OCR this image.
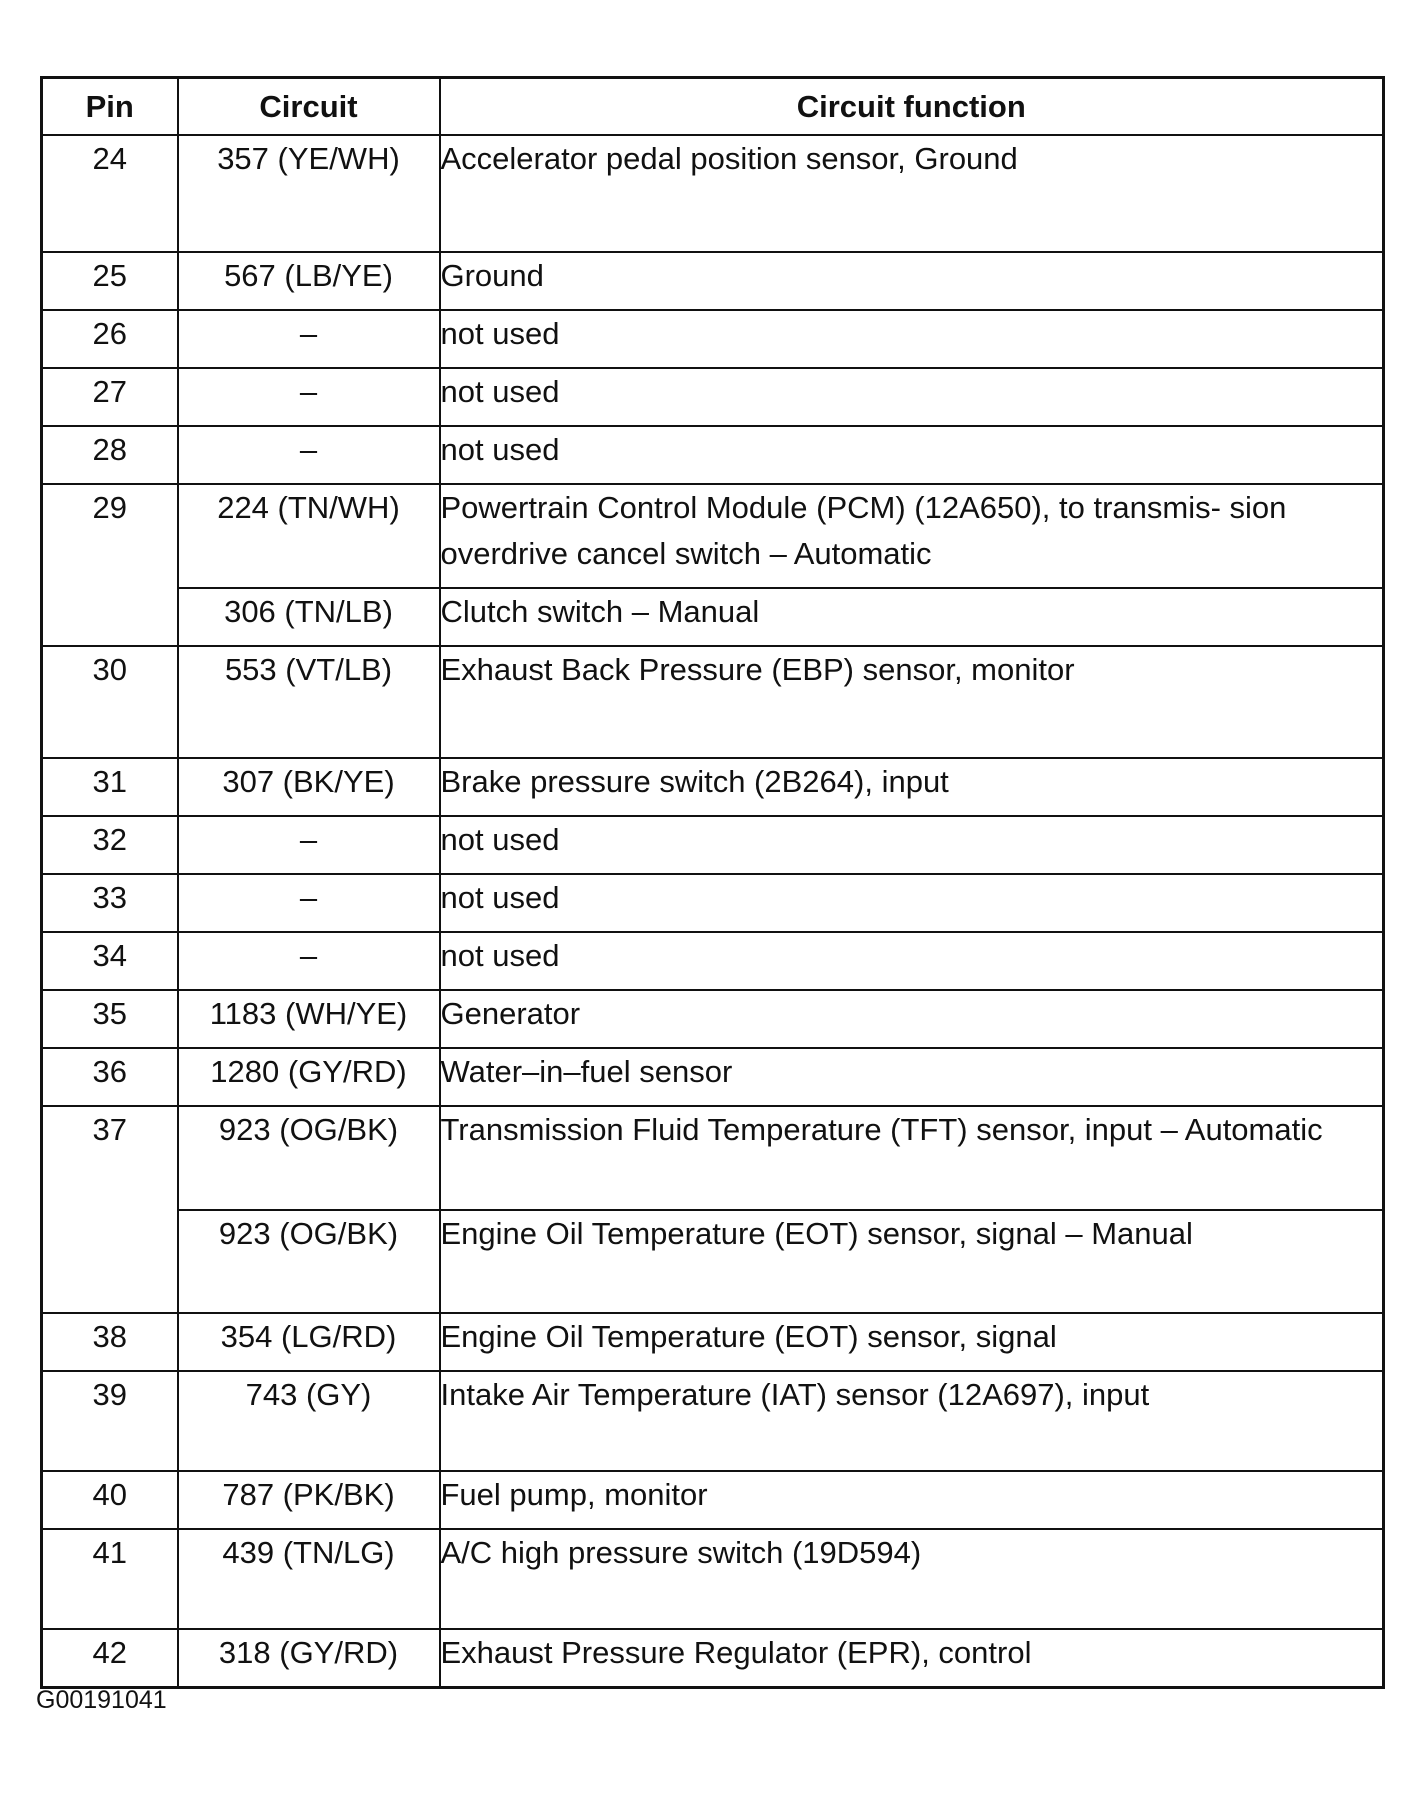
Pin	Circuit	Circuit function
24	357 (YE/WH)	Accelerator pedal position sensor, Ground
25	567 (LB/YE)	Ground
26	–	not used
27	–	not used
28	–	not used
29	224 (TN/WH)	Powertrain Control Module (PCM) (12A650), to transmis- sion overdrive cancel switch – Automatic
	306 (TN/LB)	Clutch switch – Manual
30	553 (VT/LB)	Exhaust Back Pressure (EBP) sensor, monitor
31	307 (BK/YE)	Brake pressure switch (2B264), input
32	–	not used
33	–	not used
34	–	not used
35	1183 (WH/YE)	Generator
36	1280 (GY/RD)	Water–in–fuel sensor
37	923 (OG/BK)	Transmission Fluid Temperature (TFT) sensor, input – Automatic
	923 (OG/BK)	Engine Oil Temperature (EOT) sensor, signal – Manual
38	354 (LG/RD)	Engine Oil Temperature (EOT) sensor, signal
39	743 (GY)	Intake Air Temperature (IAT) sensor (12A697), input
40	787 (PK/BK)	Fuel pump, monitor
41	439 (TN/LG)	A/C high pressure switch (19D594)
42	318 (GY/RD)	Exhaust Pressure Regulator (EPR), control
G00191041
